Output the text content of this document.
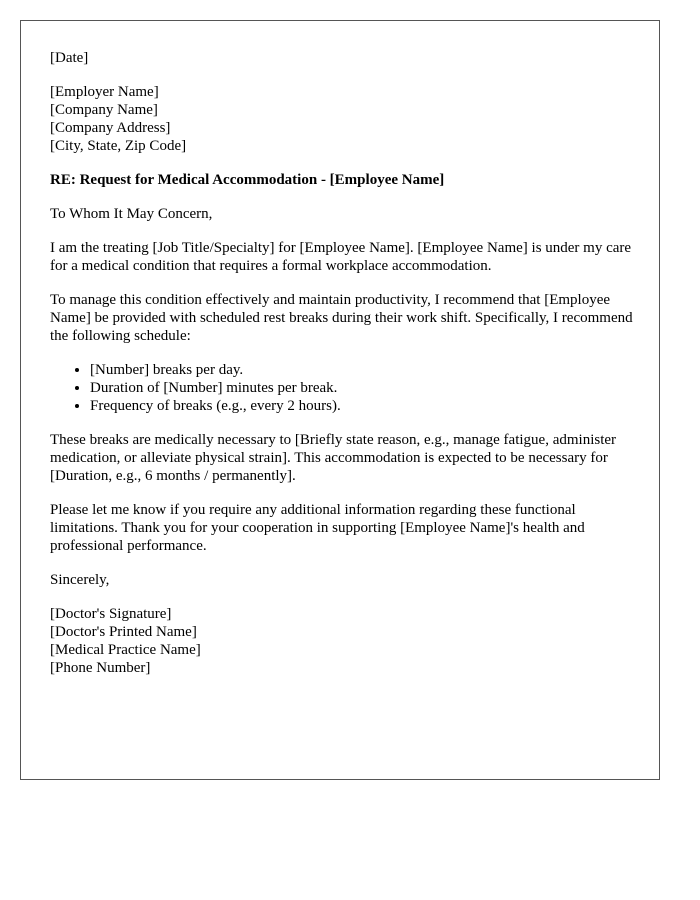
[Date]
[Employer Name]
[Company Name]
[Company Address]
[City, State, Zip Code]
RE: Request for Medical Accommodation - [Employee Name]

To Whom It May Concern,

I am the treating [Job Title/Specialty] for [Employee Name]. [Employee Name] is under my care for a medical condition that requires a formal workplace accommodation.

To manage this condition effectively and maintain productivity, I recommend that [Employee Name] be provided with scheduled rest breaks during their work shift. Specifically, I recommend the following schedule:

• [Number] breaks per day.
• Duration of [Number] minutes per break.
• Frequency of breaks (e.g., every 2 hours).

These breaks are medically necessary to [Briefly state reason, e.g., manage fatigue, administer medication, or alleviate physical strain]. This accommodation is expected to be necessary for [Duration, e.g., 6 months / permanently].

Please let me know if you require any additional information regarding these functional limitations. Thank you for your cooperation in supporting [Employee Name]'s health and professional performance.

Sincerely,

[Doctor's Signature]
[Doctor's Printed Name]
[Medical Practice Name]
[Phone Number]
